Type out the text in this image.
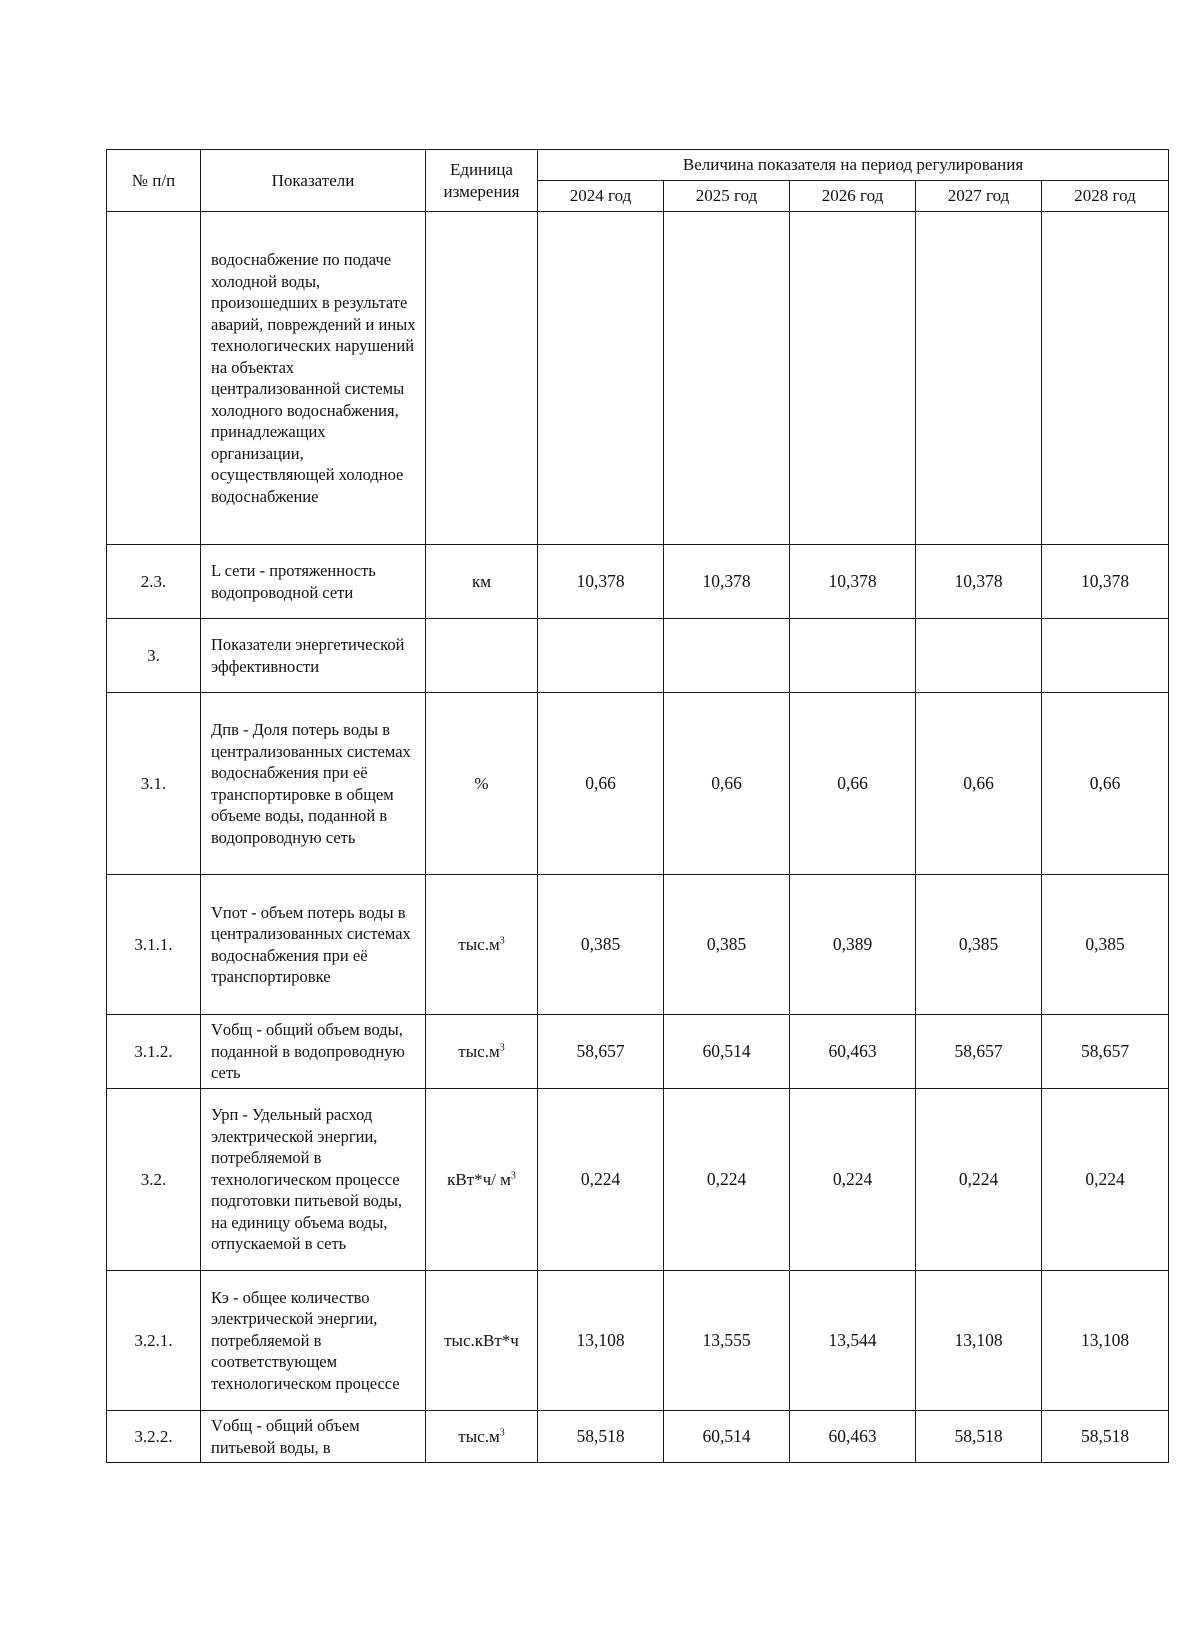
№ п/п	Показатели	Единица
измерения	Величина показателя на период регулирования				
			2024 год	2025 год	2026 год	2027 год	2028 год
	водоснабжение по подаче холодной воды, произошедших в результате аварий, повреждений и иных технологических нарушений на объектах централизованной системы холодного водоснабжения, принадлежащих организации, осуществляющей холодное водоснабжение						
2.3.	L сети - протяженность водопроводной сети	км	10,378	10,378	10,378	10,378	10,378
3.	Показатели энергетической эффективности						
3.1.	Дпв - Доля потерь воды в централизованных системах водоснабжения при её транспортировке в общем объеме воды, поданной в водопроводную сеть	%	0,66	0,66	0,66	0,66	0,66
3.1.1.	Vпот - объем потерь воды в централизованных системах водоснабжения при её транспортировке	$тыс.м^3$	0,385	0,385	0,389	0,385	0,385
3.1.2.	Vобщ - общий объем воды, поданной в водопроводную сеть	$тыс.м^3$	58,657	60,514	60,463	58,657	58,657
3.2.	Урп - Удельный расход электрической энергии, потребляемой в технологическом процессе подготовки питьевой воды, на единицу объема воды, отпускаемой в сеть	кВт*ч/ $м^3$	0,224	0,224	0,224	0,224	0,224
3.2.1.	Кэ - общее количество электрической энергии, потребляемой в соответствующем технологическом процессе	тыс.кВт*ч	13,108	13,555	13,544	13,108	13,108
3.2.2.	Vобщ - общий объем питьевой воды, в	$тыс.м^3$	58,518	60,514	60,463	58,518	58,518
